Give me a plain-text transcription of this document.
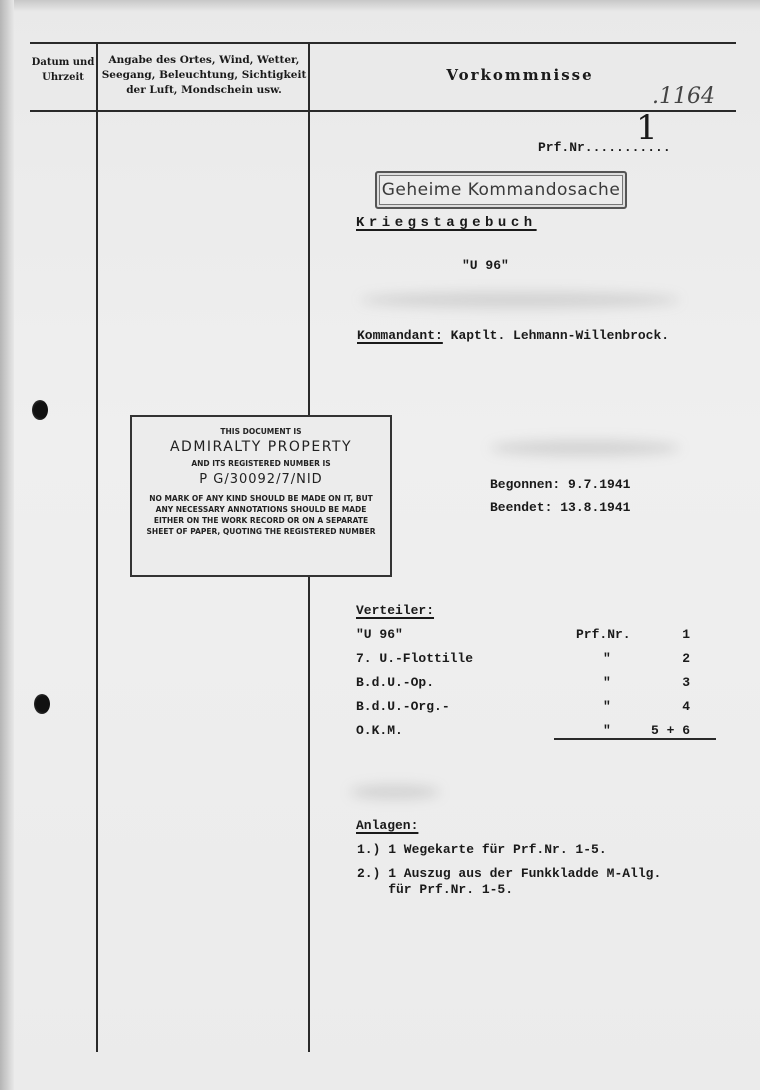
Datum und Uhrzeit
Angabe des Ortes, Wind, Wetter, Seegang, Beleuchtung, Sichtigkeit der Luft, Mondschein usw.
Vorkommnisse
.1164
Prf.Nr...........
1
Geheime Kommandosache
Kriegstagebuch
"U 96"
Kommandant: Kaptlt. Lehmann-Willenbrock.
THIS DOCUMENT IS
ADMIRALTY PROPERTY
AND ITS REGISTERED NUMBER IS
P G/30092/7/NID
NO MARK OF ANY KIND SHOULD BE MADE ON IT, BUT ANY NECESSARY ANNOTATIONS SHOULD BE MADE EITHER ON THE WORK RECORD OR ON A SEPARATE SHEET OF PAPER, QUOTING THE REGISTERED NUMBER
Begonnen: 9.7.1941
Beendet: 13.8.1941
Verteiler:
"U 96"	Prf.Nr.	1
7. U.-Flottille	"	2
B.d.U.-Op.	"	3
B.d.U.-Org.-	"	4
O.K.M.	"	5 + 6
Anlagen:
1.) 1 Wegekarte für Prf.Nr. 1-5.
2.) 1 Auszug aus der Funkkladde M-Allg.
für Prf.Nr. 1-5.
